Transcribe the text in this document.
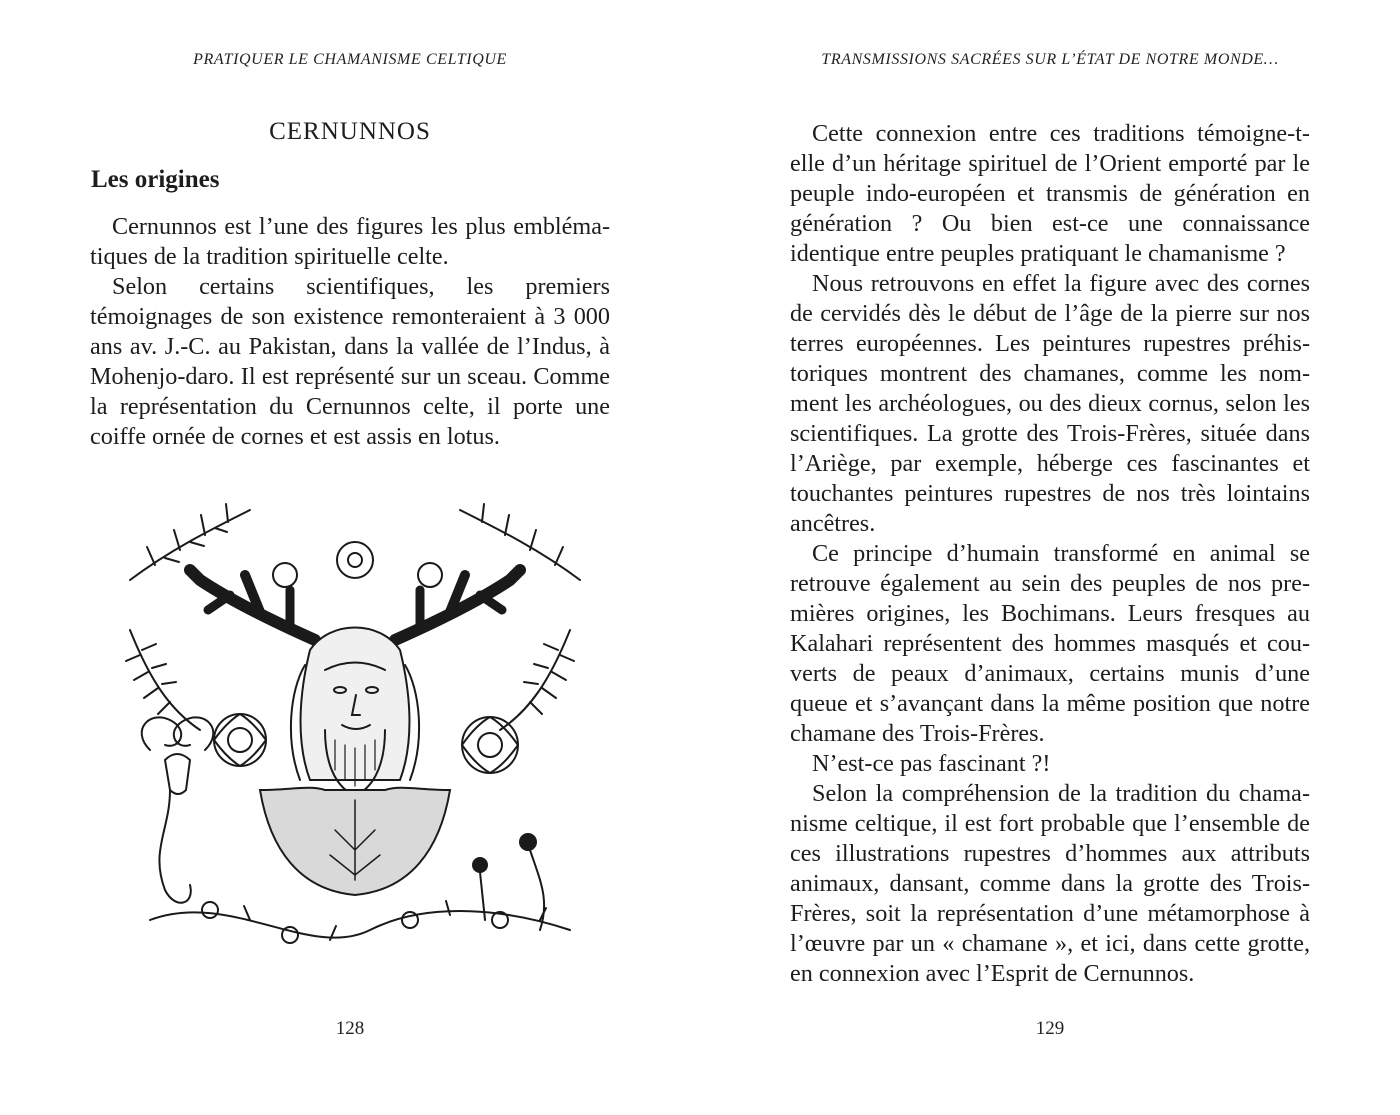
PRATIQUER LE CHAMANISME CELTIQUE
CERNUNNOS
Les origines

Cernunnos est l’une des figures les plus emblématiques de la tradition spirituelle celte.

Selon certains scientifiques, les premiers témoignages de son existence remonteraient à 3 000 ans av. J.-C. au Pakistan, dans la vallée de l’Indus, à Mohenjo-daro. Il est représenté sur un sceau. Comme la représentation du Cernunnos celte, il porte une coiffe ornée de cornes et est assis en lotus.

128
TRANSMISSIONS SACRÉES SUR L’ÉTAT DE NOTRE MONDE…

Cette connexion entre ces traditions témoigne-t-elle d’un héritage spirituel de l’Orient emporté par le peuple indo-européen et transmis de génération en génération ? Ou bien est-ce une connaissance identique entre peuples pratiquant le chamanisme ?

Nous retrouvons en effet la figure avec des cornes de cervidés dès le début de l’âge de la pierre sur nos terres européennes. Les peintures rupestres préhistoriques montrent des chamanes, comme les nomment les archéologues, ou des dieux cornus, selon les scientifiques. La grotte des Trois-Frères, située dans l’Ariège, par exemple, héberge ces fascinantes et touchantes peintures rupestres de nos très lointains ancêtres.

Ce principe d’humain transformé en animal se retrouve également au sein des peuples de nos premières origines, les Bochimans. Leurs fresques au Kalahari représentent des hommes masqués et couverts de peaux d’animaux, certains munis d’une queue et s’avançant dans la même position que notre chamane des Trois-Frères.

N’est-ce pas fascinant ?!

Selon la compréhension de la tradition du chamanisme celtique, il est fort probable que l’ensemble de ces illustrations rupestres d’hommes aux attributs animaux, dansant, comme dans la grotte des Trois-Frères, soit la représentation d’une métamorphose à l’œuvre par un « chamane », et ici, dans cette grotte, en connexion avec l’Esprit de Cernunnos.

129
